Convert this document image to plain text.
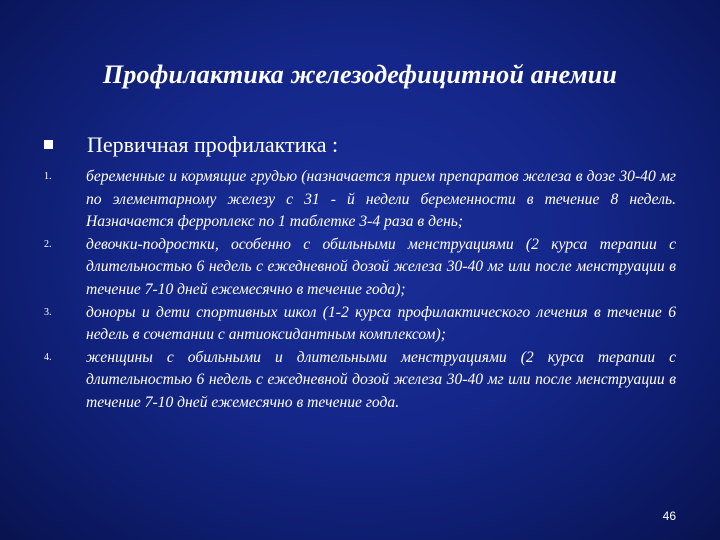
Профилактика железодефицитной анемии
Первичная профилактика :
1.	беременные и кормящие грудью (назначается прием препаратов железа в дозе 30-40 мг по элементарному железу с 31 - й недели беременности в течение 8 недель. Назначается ферроплекс по 1 таблетке 3-4 раза в день;
2.	девочки-подростки, особенно с обильными менструациями (2 курса терапии с длительностью 6 недель с ежедневной дозой железа 30-40 мг или после менструации в течение 7-10 дней ежемесячно в течение года);
3.	доноры и дети спортивных школ (1-2 курса профилактического лечения в течение 6 недель в сочетании с антиоксидантным комплексом);
4.	женщины с обильными и длительными менструациями (2 курса терапии с длительностью 6 недель с ежедневной дозой железа 30-40 мг или после менструации в течение 7-10 дней ежемесячно в течение года.
46
